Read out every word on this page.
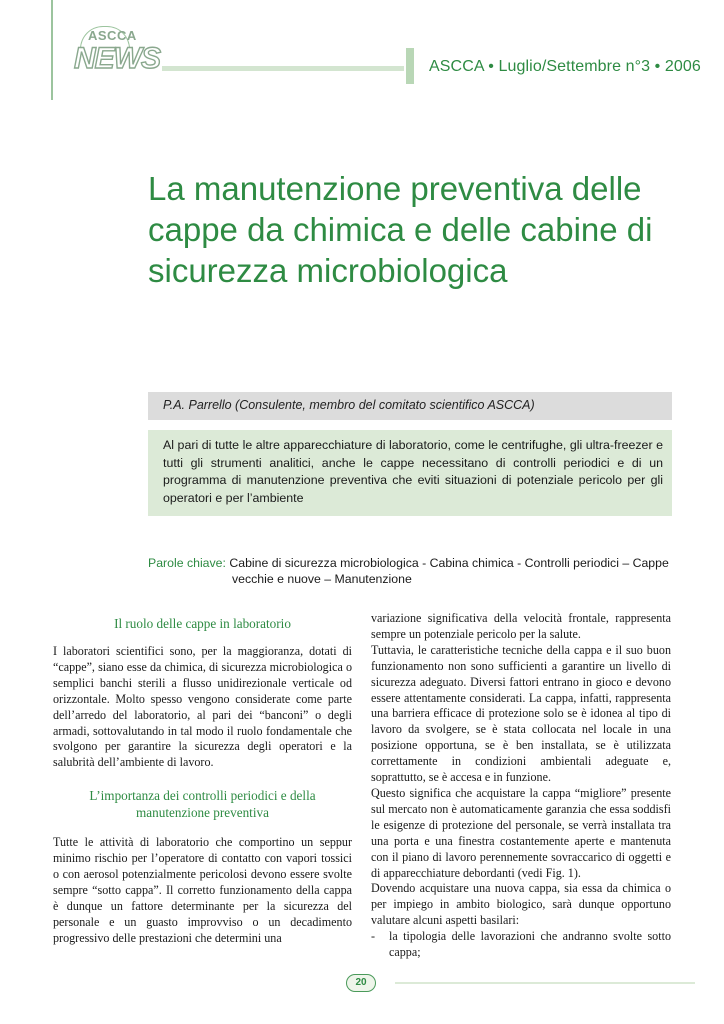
ASCCA
NEWS	ASCCA • Luglio/Settembre n°3 • 2006
La manutenzione preventiva delle cappe da chimica e delle cabine di sicurezza microbiologica
P.A. Parrello (Consulente, membro del comitato scientifico ASCCA)

Al pari di tutte le altre apparecchiature di laboratorio, come le centrifughe, gli ultra-freezer e tutti gli strumenti analitici, anche le cappe necessitano di controlli periodici e di un programma di manutenzione preventiva che eviti situazioni di potenziale pericolo per gli operatori e per l’ambiente

Parole chiave: Cabine di sicurezza microbiologica - Cabina chimica - Controlli periodici – Cappe
vecchie e nuove – Manutenzione
Il ruolo delle cappe in laboratorio

I laboratori scientifici sono, per la maggioranza, dotati di “cappe”, siano esse da chimica, di sicurezza microbiologica o semplici banchi sterili a flusso unidirezionale verticale od orizzontale. Molto spesso vengono considerate come parte dell’arredo del laboratorio, al pari dei “banconi” o degli armadi, sottovalutando in tal modo il ruolo fondamentale che svolgono per garantire la sicurezza degli operatori e la salubrità dell’ambiente di lavoro.

L’importanza dei controlli periodici e della manutenzione preventiva

Tutte le attività di laboratorio che comportino un seppur minimo rischio per l’operatore di contatto con vapori tossici o con aerosol potenzialmente pericolosi devono essere svolte sempre “sotto cappa”. Il corretto funzionamento della cappa è dunque un fattore determinante per la sicurezza del personale e un guasto improvviso o un decadimento progressivo delle prestazioni che determini una

variazione significativa della velocità frontale, rappresenta sempre un potenziale pericolo per la salute.

Tuttavia, le caratteristiche tecniche della cappa e il suo buon funzionamento non sono sufficienti a garantire un livello di sicurezza adeguato. Diversi fattori entrano in gioco e devono essere attentamente considerati. La cappa, infatti, rappresenta una barriera efficace di protezione solo se è idonea al tipo di lavoro da svolgere, se è stata collocata nel locale in una posizione opportuna, se è ben installata, se è utilizzata correttamente in condizioni ambientali adeguate e, soprattutto, se è accesa e in funzione.

Questo significa che acquistare la cappa “migliore” presente sul mercato non è automaticamente garanzia che essa soddisfi le esigenze di protezione del personale, se verrà installata tra una porta e una finestra costantemente aperte e mantenuta con il piano di lavoro perennemente sovraccarico di oggetti e di apparecchiature debordanti (vedi Fig. 1).

Dovendo acquistare una nuova cappa, sia essa da chimica o per impiego in ambito biologico, sarà dunque opportuno valutare alcuni aspetti basilari:

-	la tipologia delle lavorazioni che andranno svolte sotto cappa;
20
